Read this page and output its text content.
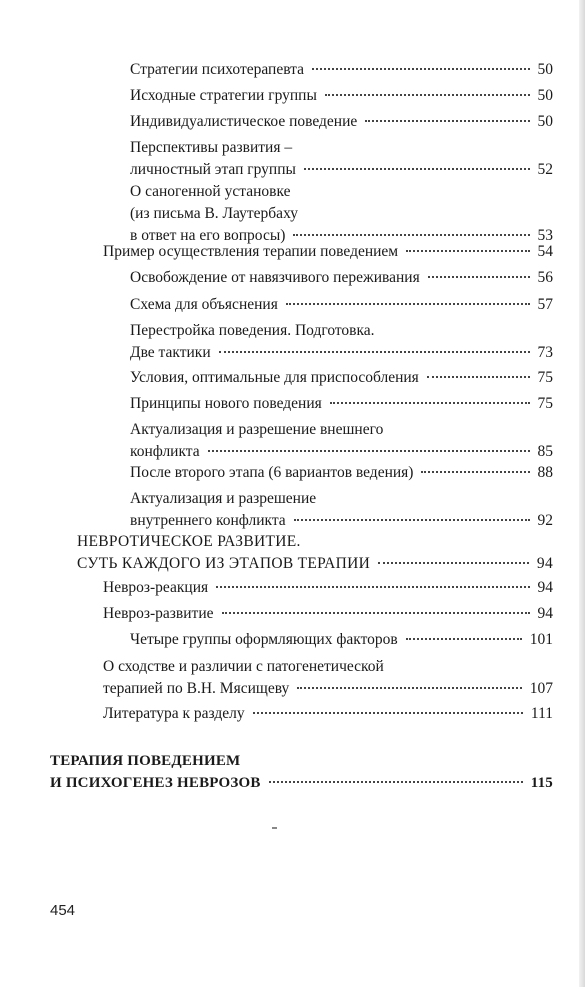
Стратегии психотерапевта	50
Исходные стратегии группы	50
Индивидуалистическое поведение	50
Перспективы развития –
личностный этап группы	52
О саногенной установке
(из письма В. Лаутербаху
в ответ на его вопросы)	53
Пример осуществления терапии поведением	54
Освобождение от навязчивого переживания	56
Схема для объяснения	57
Перестройка поведения. Подготовка.
Две тактики	73
Условия, оптимальные для приспособления	75
Принципы нового поведения	75
Актуализация и разрешение внешнего
конфликта	85
После второго этапа (6 вариантов ведения)	88
Актуализация и разрешение
внутреннего конфликта	92
НЕВРОТИЧЕСКОЕ РАЗВИТИЕ.
СУТЬ КАЖДОГО ИЗ ЭТАПОВ ТЕРАПИИ	94
Невроз-реакция	94
Невроз-развитие	94
Четыре группы оформляющих факторов	101
О сходстве и различии с патогенетической
терапией по В.Н. Мясищеву	107
Литература к разделу	111
ТЕРАПИЯ ПОВЕДЕНИЕМ
И ПСИХОГЕНЕЗ НЕВРОЗОВ	115
454
